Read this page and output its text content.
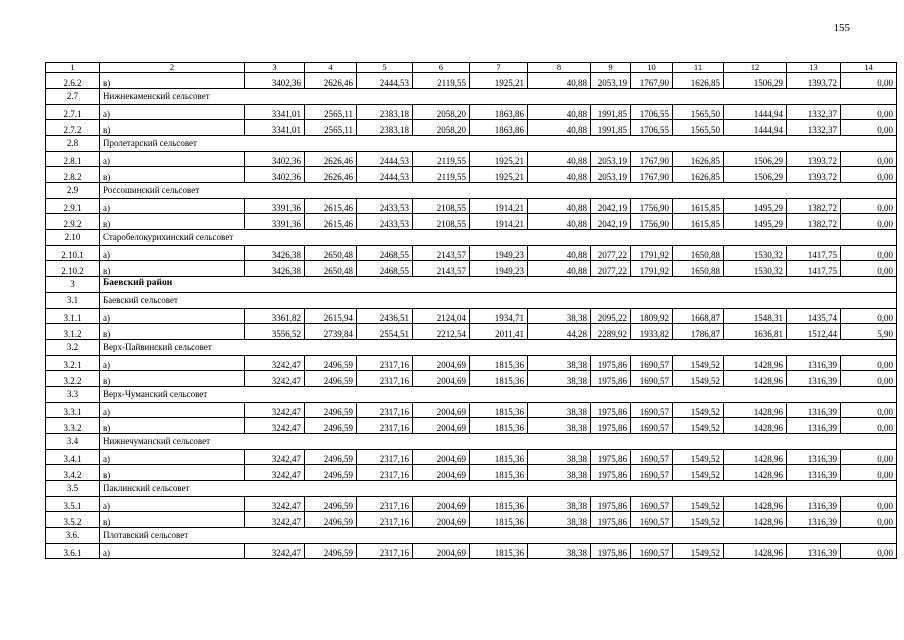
155
1	2	3	4	5	6	7	8	9	10	11	12	13	14
2.6.2	в)	3402,36	2626,46	2444,53	2119,55	1925,21	40,88	2053,19	1767,90	1626,85	1506,29	1393,72	0,00
2.7	Нижнекаменский сельсовет												
2.7.1	а)	3341,01	2565,11	2383,18	2058,20	1863,86	40,88	1991,85	1706,55	1565,50	1444,94	1332,37	0,00
2.7.2	в)	3341,01	2565,11	2383,18	2058,20	1863,86	40,88	1991,85	1706,55	1565,50	1444,94	1332,37	0,00
2.8	Пролетарский сельсовет												
2.8.1	а)	3402,36	2626,46	2444,53	2119,55	1925,21	40,88	2053,19	1767,90	1626,85	1506,29	1393,72	0,00
2.8.2	в)	3402,36	2626,46	2444,53	2119,55	1925,21	40,88	2053,19	1767,90	1626,85	1506,29	1393,72	0,00
2.9	Россошинский сельсовет												
2.9.1	а)	3391,36	2615,46	2433,53	2108,55	1914,21	40,88	2042,19	1756,90	1615,85	1495,29	1382,72	0,00
2.9.2	в)	3391,36	2615,46	2433,53	2108,55	1914,21	40,88	2042,19	1756,90	1615,85	1495,29	1382,72	0,00
2.10	Старобелокурихинский сельсовет												
2.10.1	а)	3426,38	2650,48	2468,55	2143,57	1949,23	40,88	2077,22	1791,92	1650,88	1530,32	1417,75	0,00
2.10.2	в)	3426,38	2650,48	2468,55	2143,57	1949,23	40,88	2077,22	1791,92	1650,88	1530,32	1417,75	0,00
3	Баевский район												
3.1	Баевский сельсовет												
3.1.1	а)	3361,82	2615,94	2436,51	2124,04	1934,71	38,38	2095,22	1809,92	1668,87	1548,31	1435,74	0,00
3.1.2	в)	3556,52	2739,84	2554,51	2212,54	2011,41	44,28	2289,92	1933,82	1786,87	1636,81	1512,44	5,90
3.2	Верх-Пайвинский сельсовет												
3.2.1	а)	3242,47	2496,59	2317,16	2004,69	1815,36	38,38	1975,86	1690,57	1549,52	1428,96	1316,39	0,00
3.2.2	в)	3242,47	2496,59	2317,16	2004,69	1815,36	38,38	1975,86	1690,57	1549,52	1428,96	1316,39	0,00
3.3	Верх-Чуманский сельсовет												
3.3.1	а)	3242,47	2496,59	2317,16	2004,69	1815,36	38,38	1975,86	1690,57	1549,52	1428,96	1316,39	0,00
3.3.2	в)	3242,47	2496,59	2317,16	2004,69	1815,36	38,38	1975,86	1690,57	1549,52	1428,96	1316,39	0,00
3.4	Нижнечуманский сельсовет												
3.4.1	а)	3242,47	2496,59	2317,16	2004,69	1815,36	38,38	1975,86	1690,57	1549,52	1428,96	1316,39	0,00
3.4.2	в)	3242,47	2496,59	2317,16	2004,69	1815,36	38,38	1975,86	1690,57	1549,52	1428,96	1316,39	0,00
3.5	Паклинский сельсовет												
3.5.1	а)	3242,47	2496,59	2317,16	2004,69	1815,36	38,38	1975,86	1690,57	1549,52	1428,96	1316,39	0,00
3.5.2	в)	3242,47	2496,59	2317,16	2004,69	1815,36	38,38	1975,86	1690,57	1549,52	1428,96	1316,39	0,00
3.6.	Плотавский сельсовет												
3.6.1	а)	3242,47	2496,59	2317,16	2004,69	1815,36	38,38	1975,86	1690,57	1549,52	1428,96	1316,39	0,00
